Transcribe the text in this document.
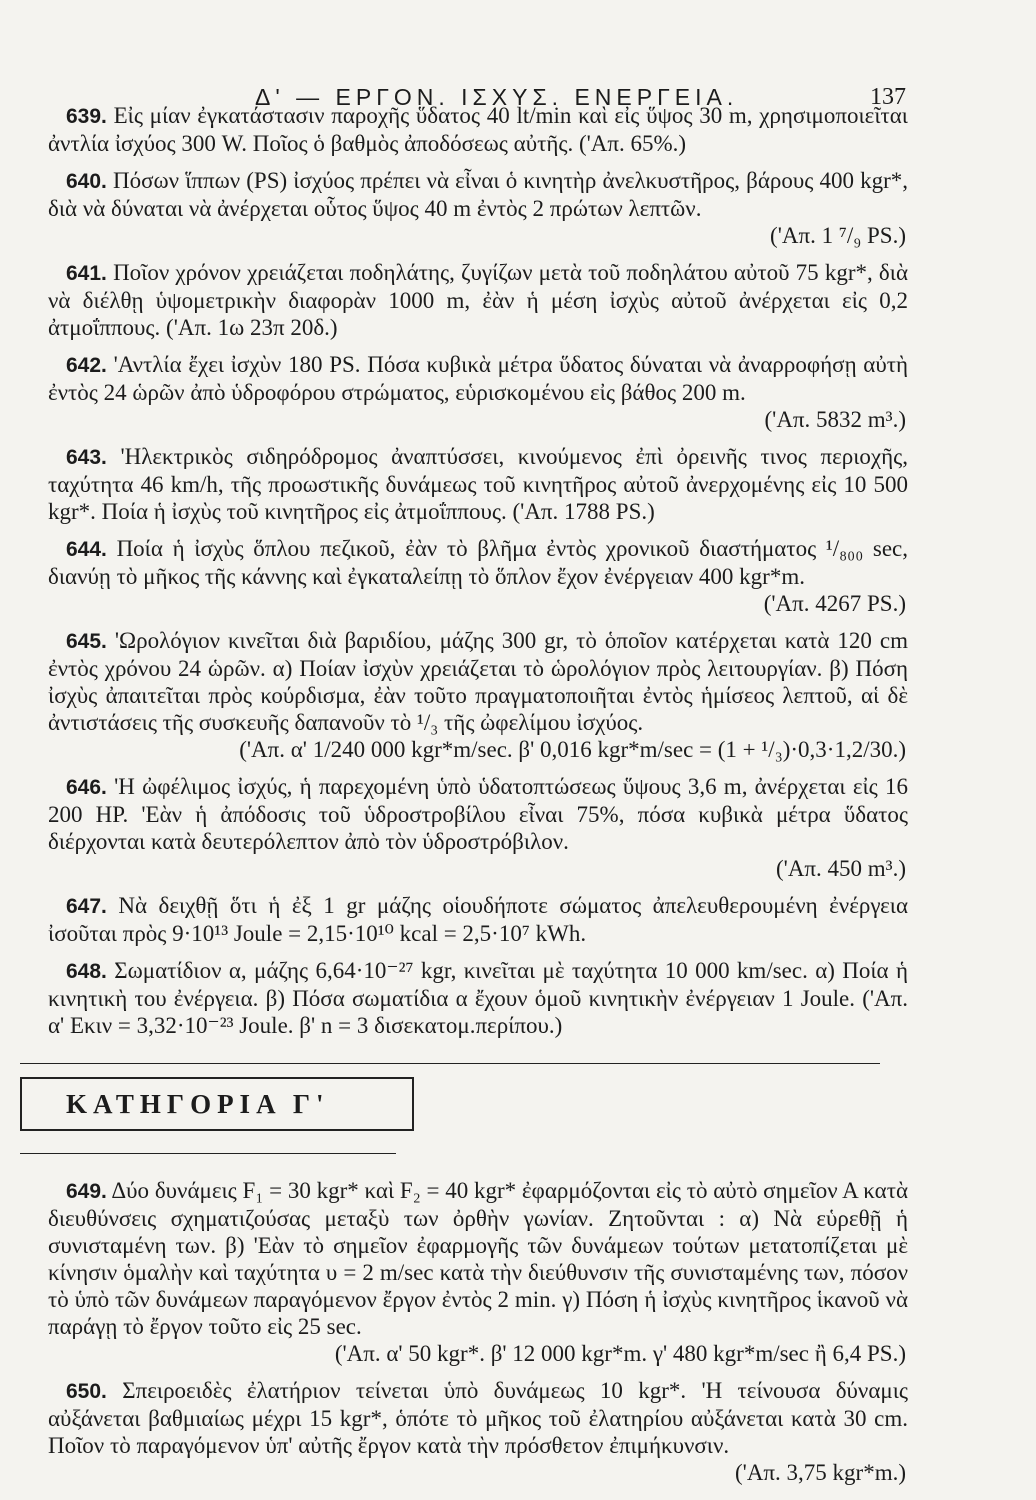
Δ' — ΕΡΓΟΝ. ΙΣΧΥΣ. ΕΝΕΡΓΕΙΑ.	137

639. Εἰς μίαν ἐγκατάστασιν παροχῆς ὕδατος 40 lt/min καὶ εἰς ὕψος 30 m, χρησιμοποιεῖται ἀντλία ἰσχύος 300 W. Ποῖος ὁ βαθμὸς ἀποδόσεως αὐτῆς. ('Απ. 65%.)

640. Πόσων ἵππων (PS) ἰσχύος πρέπει νὰ εἶναι ὁ κινητὴρ ἀνελκυστῆρος, βάρους 400 kgr*, διὰ νὰ δύναται νὰ ἀνέρχεται οὗτος ὕψος 40 m ἐντὸς 2 πρώτων λεπτῶν.
('Απ. 1 ⁷/₉ PS.)

641. Ποῖον χρόνον χρειάζεται ποδηλάτης, ζυγίζων μετὰ τοῦ ποδηλάτου αὐτοῦ 75 kgr*, διὰ νὰ διέλθῃ ὑψομετρικὴν διαφορὰν 1000 m, ἐὰν ἡ μέση ἰσχὺς αὐτοῦ ἀνέρχεται εἰς 0,2 ἀτμοΐππους. ('Απ. 1ω 23π 20δ.)

642. 'Αντλία ἔχει ἰσχὺν 180 PS. Πόσα κυβικὰ μέτρα ὕδατος δύναται νὰ ἀναρροφήσῃ αὐτὴ ἐντὸς 24 ὡρῶν ἀπὸ ὑδροφόρου στρώματος, εὑρισκομένου εἰς βάθος 200 m.
('Απ. 5832 m³.)

643. 'Ηλεκτρικὸς σιδηρόδρομος ἀναπτύσσει, κινούμενος ἐπὶ ὀρεινῆς τινος περιοχῆς, ταχύτητα 46 km/h, τῆς προωστικῆς δυνάμεως τοῦ κινητῆρος αὐτοῦ ἀνερχομένης εἰς 10 500 kgr*. Ποία ἡ ἰσχὺς τοῦ κινητῆρος εἰς ἀτμοΐππους. ('Απ. 1788 PS.)

644. Ποία ἡ ἰσχὺς ὅπλου πεζικοῦ, ἐὰν τὸ βλῆμα ἐντὸς χρονικοῦ διαστήματος ¹/₈₀₀ sec, διανύῃ τὸ μῆκος τῆς κάννης καὶ ἐγκαταλείπῃ τὸ ὅπλον ἔχον ἐνέργειαν 400 kgr*m.
('Απ. 4267 PS.)

645. 'Ωρολόγιον κινεῖται διὰ βαριδίου, μάζης 300 gr, τὸ ὁποῖον κατέρχεται κατὰ 120 cm ἐντὸς χρόνου 24 ὡρῶν. α) Ποίαν ἰσχὺν χρειάζεται τὸ ὡρολόγιον πρὸς λειτουργίαν. β) Πόση ἰσχὺς ἀπαιτεῖται πρὸς κούρδισμα, ἐὰν τοῦτο πραγματοποιῆται ἐντὸς ἡμίσεος λεπτοῦ, αἱ δὲ ἀντιστάσεις τῆς συσκευῆς δαπανοῦν τὸ ¹/₃ τῆς ὠφελίμου ἰσχύος.
('Απ. α' 1/240 000 kgr*m/sec. β' 0,016 kgr*m/sec = (1 + ¹/₃)·0,3·1,2/30.)

646. 'Η ὠφέλιμος ἰσχύς, ἡ παρεχομένη ὑπὸ ὑδατοπτώσεως ὕψους 3,6 m, ἀνέρχεται εἰς 16 200 HP. 'Εὰν ἡ ἀπόδοσις τοῦ ὑδροστροβίλου εἶναι 75%, πόσα κυβικὰ μέτρα ὕδατος διέρχονται κατὰ δευτερόλεπτον ἀπὸ τὸν ὑδροστρόβιλον.
('Απ. 450 m³.)

647. Νὰ δειχθῇ ὅτι ἡ ἐξ 1 gr μάζης οἱουδήποτε σώματος ἀπελευθερουμένη ἐνέργεια ἰσοῦται πρὸς 9·10¹³ Joule = 2,15·10¹⁰ kcal = 2,5·10⁷ kWh.

648. Σωματίδιον α, μάζης 6,64·10⁻²⁷ kgr, κινεῖται μὲ ταχύτητα 10 000 km/sec. α) Ποία ἡ κινητικὴ του ἐνέργεια. β) Πόσα σωματίδια α ἔχουν ὁμοῦ κινητικὴν ἐνέργειαν 1 Joule. ('Απ. α' Eκιν = 3,32·10⁻²³ Joule. β' n = 3 δισεκατομ.περίπου.)

ΚΑΤΗΓΟΡΙΑ Γ'

649. Δύο δυνάμεις F₁ = 30 kgr* καὶ F₂ = 40 kgr* ἐφαρμόζονται εἰς τὸ αὐτὸ σημεῖον Α κατὰ διευθύνσεις σχηματιζούσας μεταξὺ των ὀρθὴν γωνίαν. Ζητοῦνται : α) Νὰ εὑρεθῇ ἡ συνισταμένη των. β) 'Εὰν τὸ σημεῖον ἐφαρμογῆς τῶν δυνάμεων τούτων μετατοπίζεται μὲ κίνησιν ὁμαλὴν καὶ ταχύτητα υ = 2 m/sec κατὰ τὴν διεύθυνσιν τῆς συνισταμένης των, πόσον τὸ ὑπὸ τῶν δυνάμεων παραγόμενον ἔργον ἐντὸς 2 min. γ) Πόση ἡ ἰσχὺς κινητῆρος ἱκανοῦ νὰ παράγῃ τὸ ἔργον τοῦτο εἰς 25 sec.
('Απ. α' 50 kgr*. β' 12 000 kgr*m. γ' 480 kgr*m/sec ἢ 6,4 PS.)

650. Σπειροειδὲς ἐλατήριον τείνεται ὑπὸ δυνάμεως 10 kgr*. 'Η τείνουσα δύναμις αὐξάνεται βαθμιαίως μέχρι 15 kgr*, ὁπότε τὸ μῆκος τοῦ ἐλατηρίου αὐξάνεται κατὰ 30 cm. Ποῖον τὸ παραγόμενον ὑπ' αὐτῆς ἔργον κατὰ τὴν πρόσθετον ἐπιμήκυνσιν.
('Απ. 3,75 kgr*m.)
